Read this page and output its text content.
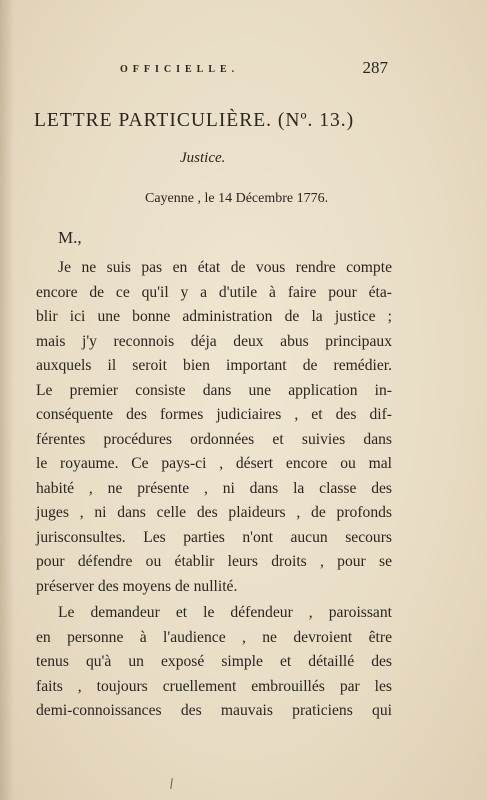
OFFICIELLE.	287
LETTRE PARTICULIÈRE. (Nº. 13.)
Justice.
Cayenne , le 14 Décembre 1776.
M.,
Je ne suis pas en état de vous rendre compte
encore de ce qu'il y a d'utile à faire pour éta-
blir ici une bonne administration de la justice ;
mais j'y reconnois déja deux abus principaux
auxquels il seroit bien important de remédier.
Le premier consiste dans une application in-
conséquente des formes judiciaires , et des dif-
férentes procédures ordonnées et suivies dans
le royaume. Ce pays-ci , désert encore ou mal
habité , ne présente , ni dans la classe des
juges , ni dans celle des plaideurs , de profonds
jurisconsultes. Les parties n'ont aucun secours
pour défendre ou établir leurs droits , pour se
préserver des moyens de nullité.
Le demandeur et le défendeur , paroissant
en personne à l'audience , ne devroient être
tenus qu'à un exposé simple et détaillé des
faits , toujours cruellement embrouillés par les
demi-connoissances des mauvais praticiens qui
